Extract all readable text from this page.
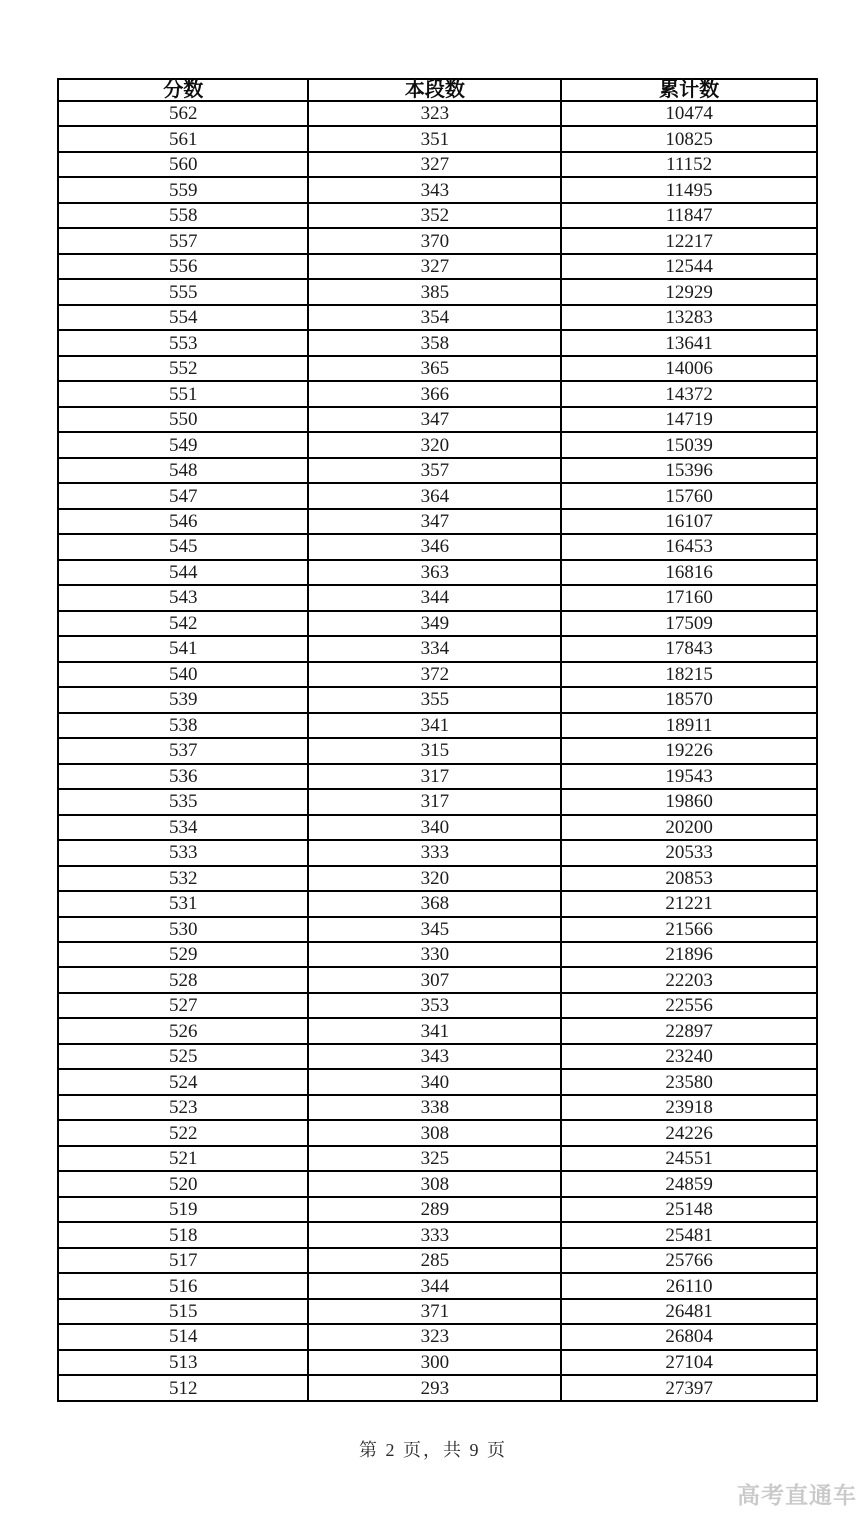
分数	本段数	累计数
562	323	10474
561	351	10825
560	327	11152
559	343	11495
558	352	11847
557	370	12217
556	327	12544
555	385	12929
554	354	13283
553	358	13641
552	365	14006
551	366	14372
550	347	14719
549	320	15039
548	357	15396
547	364	15760
546	347	16107
545	346	16453
544	363	16816
543	344	17160
542	349	17509
541	334	17843
540	372	18215
539	355	18570
538	341	18911
537	315	19226
536	317	19543
535	317	19860
534	340	20200
533	333	20533
532	320	20853
531	368	21221
530	345	21566
529	330	21896
528	307	22203
527	353	22556
526	341	22897
525	343	23240
524	340	23580
523	338	23918
522	308	24226
521	325	24551
520	308	24859
519	289	25148
518	333	25481
517	285	25766
516	344	26110
515	371	26481
514	323	26804
513	300	27104
512	293	27397
第 2 页，共 9 页
高考直通车
